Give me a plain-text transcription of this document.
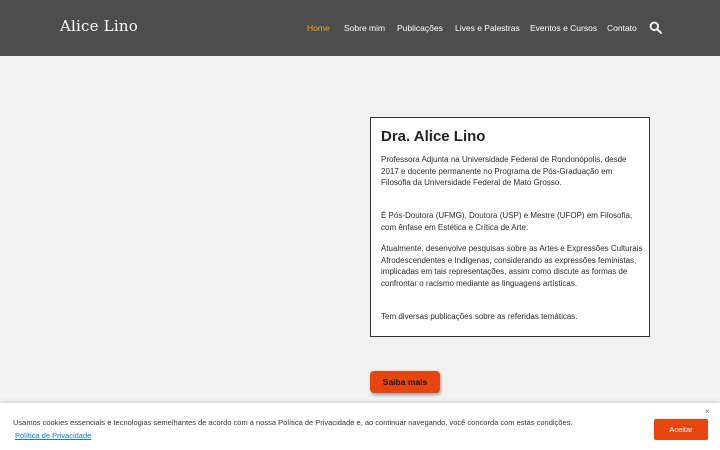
Alice Lino	Home Sobre mim Publicações Lives e Palestras Eventos e Cursos Contato
Dra. Alice Lino

Professora Adjunta na Universidade Federal de Rondonópolis, desde 2017 e docente permanente no Programa de Pós-Graduação em Filosofia da Universidade Federal de Mato Grosso.

É Pós-Doutora (UFMG), Doutora (USP) e Mestre (UFOP) em Filosofia, com ênfase em Estética e Crítica de Arte.

Atualmente, desenvolve pesquisas sobre as Artes e Expressões Culturais Afrodescendentes e Indígenas, considerando as expressões feministas, implicadas em tais representações, assim como discute as formas de confrontar o racismo mediante as linguagens artísticas.

Tem diversas publicações sobre as referidas temáticas.

Saiba mais
Usamos cookies essenciais e tecnologias semelhantes de acordo com a nossa Política de Privacidade e, ao continuar navegando, você concorda com estas condições.
Política de Privacidade
×
Aceitar
